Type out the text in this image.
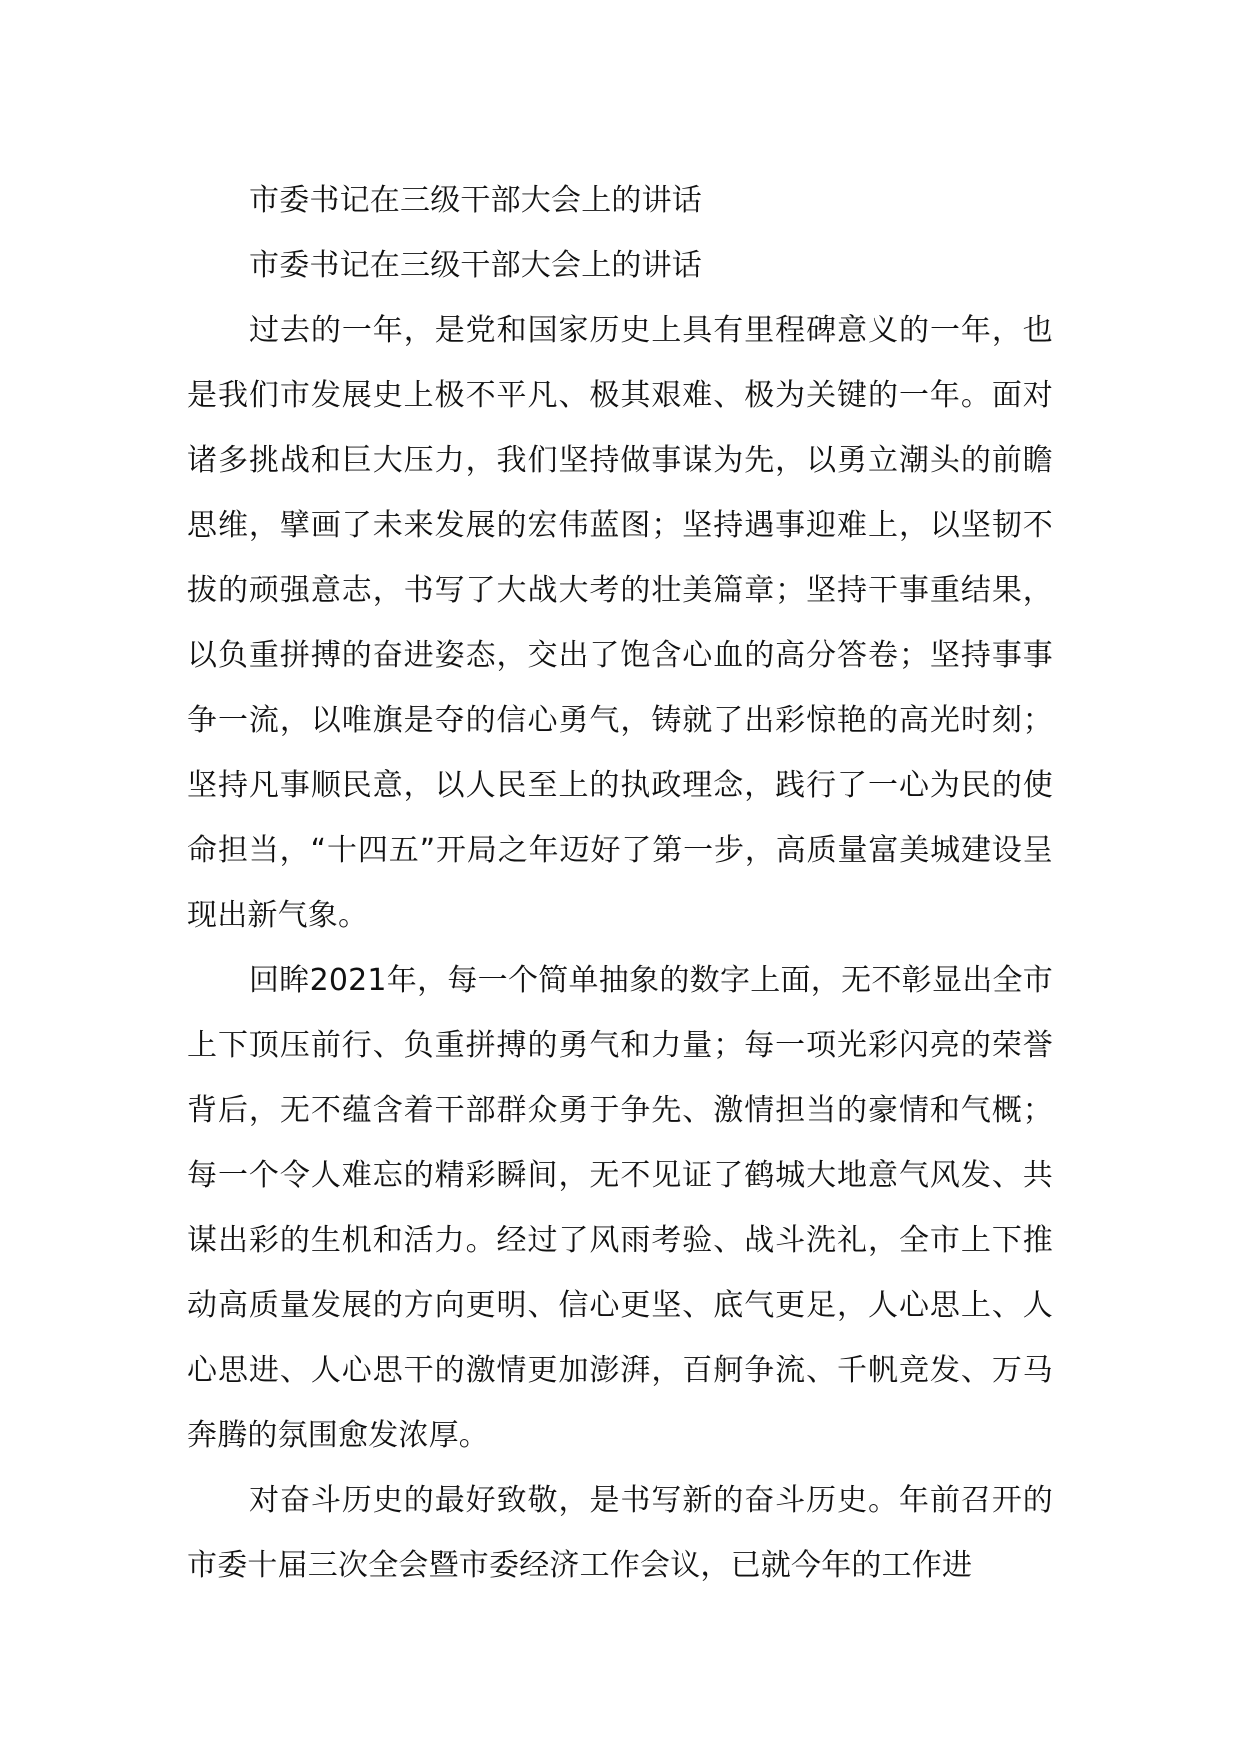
市委书记在三级干部大会上的讲话

市委书记在三级干部大会上的讲话

过去的一年，是党和国家历史上具有里程碑意义的一年，也是我们市发展史上极不平凡、极其艰难、极为关键的一年。面对诸多挑战和巨大压力，我们坚持做事谋为先，以勇立潮头的前瞻思维，擘画了未来发展的宏伟蓝图；坚持遇事迎难上，以坚韧不拔的顽强意志，书写了大战大考的壮美篇章；坚持干事重结果，以负重拼搏的奋进姿态，交出了饱含心血的高分答卷；坚持事事争一流，以唯旗是夺的信心勇气，铸就了出彩惊艳的高光时刻；坚持凡事顺民意，以人民至上的执政理念，践行了一心为民的使命担当，“十四五”开局之年迈好了第一步，高质量富美城建设呈现出新气象。

回眸2021年，每一个简单抽象的数字上面，无不彰显出全市上下顶压前行、负重拼搏的勇气和力量；每一项光彩闪亮的荣誉背后，无不蕴含着干部群众勇于争先、激情担当的豪情和气概；每一个令人难忘的精彩瞬间，无不见证了鹤城大地意气风发、共谋出彩的生机和活力。经过了风雨考验、战斗洗礼，全市上下推动高质量发展的方向更明、信心更坚、底气更足，人心思上、人心思进、人心思干的激情更加澎湃，百舸争流、千帆竞发、万马奔腾的氛围愈发浓厚。

对奋斗历史的最好致敬，是书写新的奋斗历史。年前召开的市委十届三次全会暨市委经济工作会议，已就今年的工作进
